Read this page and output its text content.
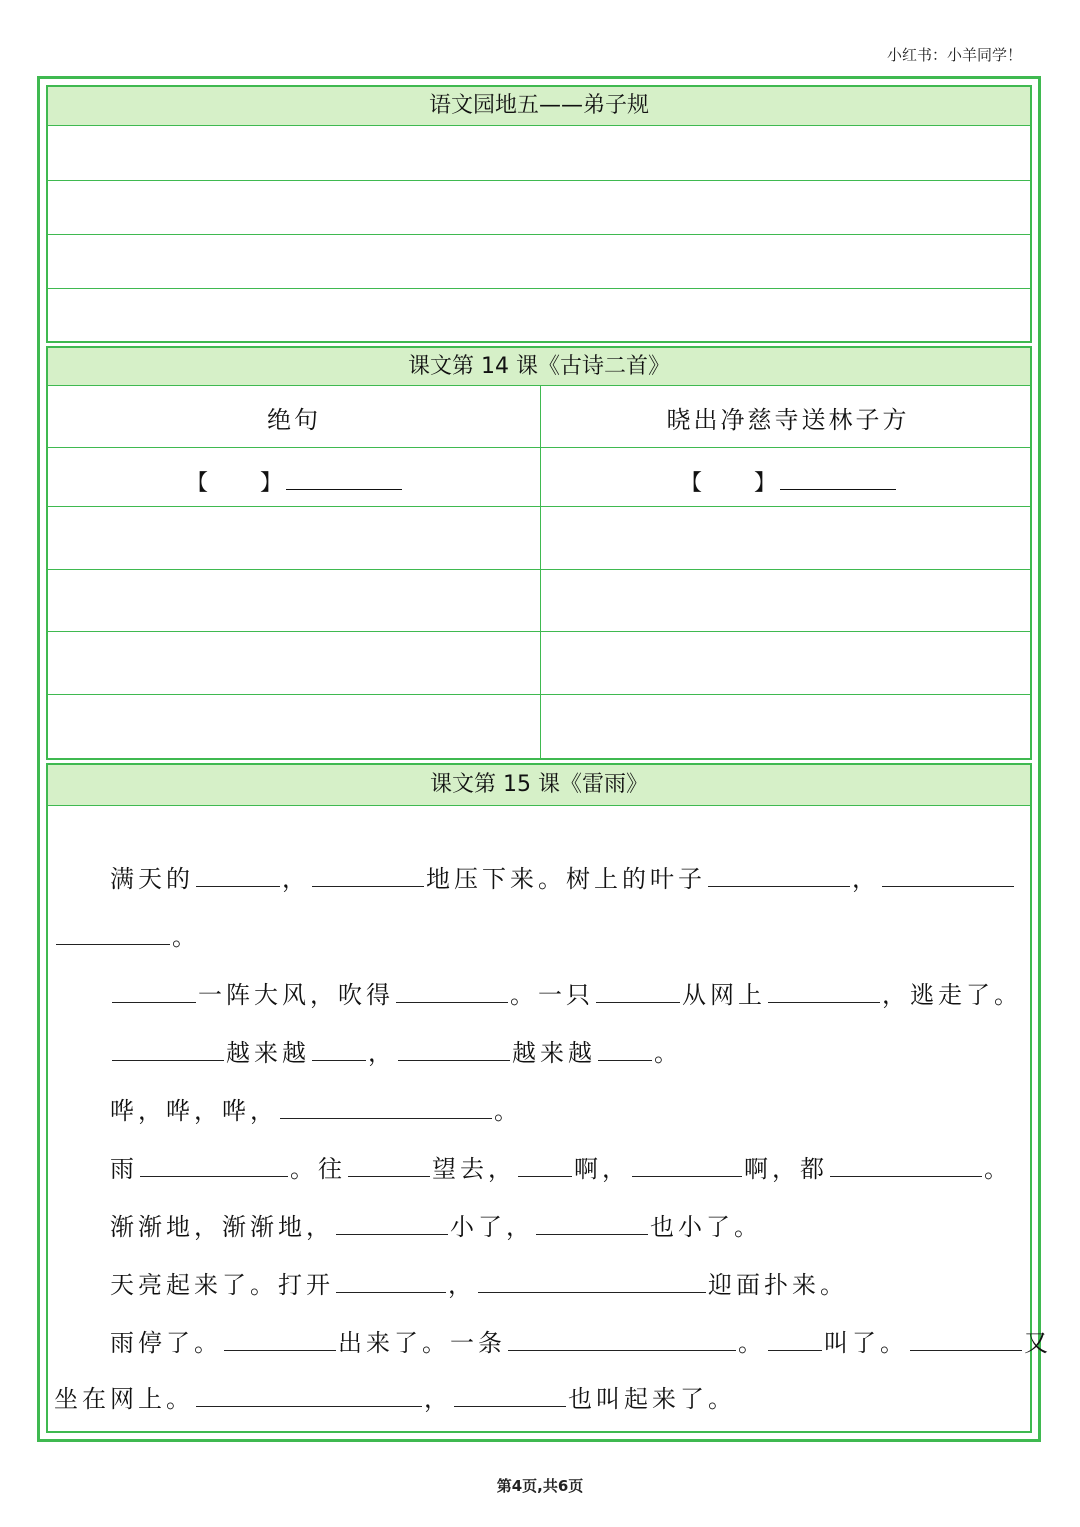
小红书：小羊同学！
语文园地五——弟子规
课文第 14 课《古诗二首》
绝句	晓出净慈寺送林子方
【 】	【 】
课文第 15 课《雷雨》
满天的	，	地压下来。树上的叶子	，
。
一阵大风，吹得	。一只	从网上	，逃走了。
越来越 ，	越来越 。
哗，哗，哗，	。
雨	。往	望去， 啊，	啊，都	。
渐渐地，渐渐地，	小了，	也小了。
天亮起来了。打开	，	迎面扑来。
雨停了。	出来了。一条	。 叫了。	又
坐在网上。	，	也叫起来了。
第4页,共6页
